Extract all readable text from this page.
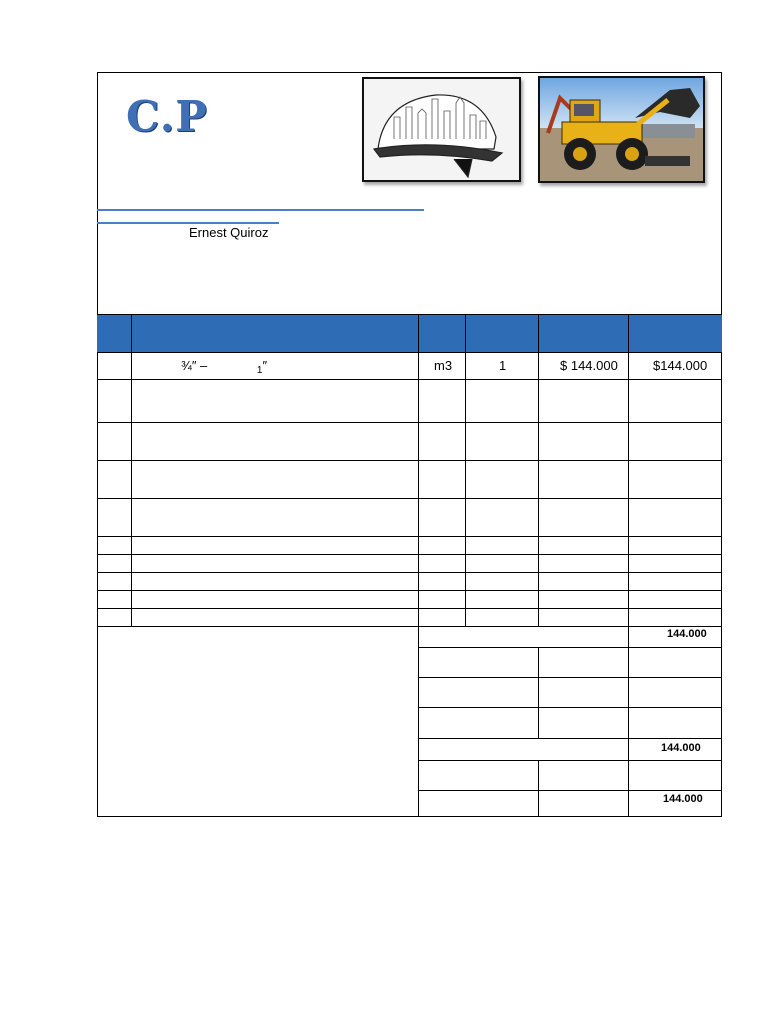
C.P
Ernest Quiroz
¾″ –	$_1$″	m3	1	$ 144.000	$144.000
144.000
144.000
144.000
